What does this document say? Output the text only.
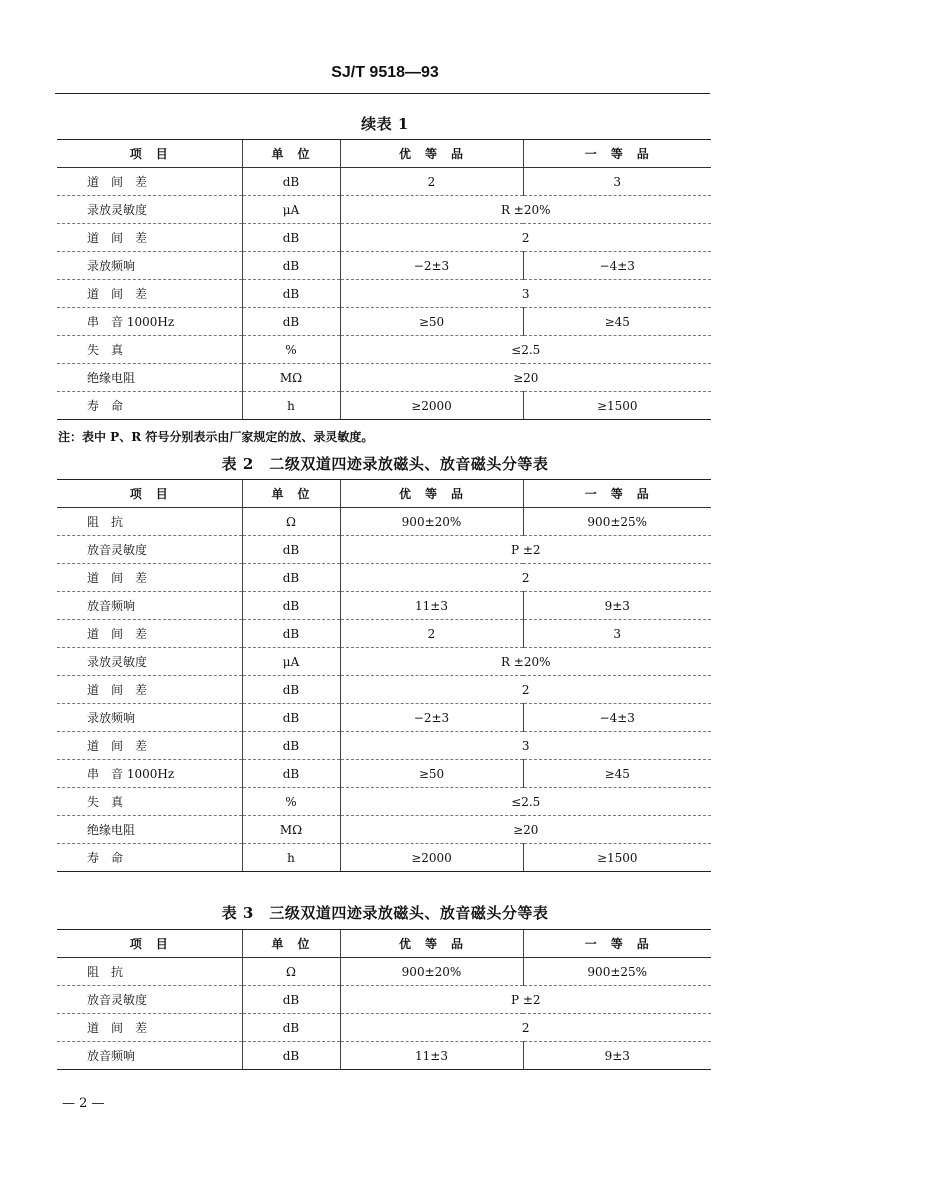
SJ/T 9518—93
续表 1
项　目	单　位	优　等　品	一　等　品
道　间　差	dB	2	3
录放灵敏度	μA	R ±20%	
道　间　差	dB	2	
录放频响	dB	−2±3	−4±3
道　间　差	dB	3	
串　音 1000Hz	dB	≥50	≥45
失　真	%	≤2.5	
绝缘电阻	MΩ	≥20	
寿　命	h	≥2000	≥1500
注：表中 P、R 符号分别表示由厂家规定的放、录灵敏度。
表 2　二级双道四迹录放磁头、放音磁头分等表
项　目	单　位	优　等　品	一　等　品
阻　抗	Ω	900±20%	900±25%
放音灵敏度	dB	P ±2	
道　间　差	dB	2	
放音频响	dB	11±3	9±3
道　间　差	dB	2	3
录放灵敏度	μA	R ±20%	
道　间　差	dB	2	
录放频响	dB	−2±3	−4±3
道　间　差	dB	3	
串　音 1000Hz	dB	≥50	≥45
失　真	%	≤2.5	
绝缘电阻	MΩ	≥20	
寿　命	h	≥2000	≥1500
表 3　三级双道四迹录放磁头、放音磁头分等表
项　目	单　位	优　等　品	一　等　品
阻　抗	Ω	900±20%	900±25%
放音灵敏度	dB	P ±2	
道　间　差	dB	2	
放音频响	dB	11±3	9±3
— 2 —
